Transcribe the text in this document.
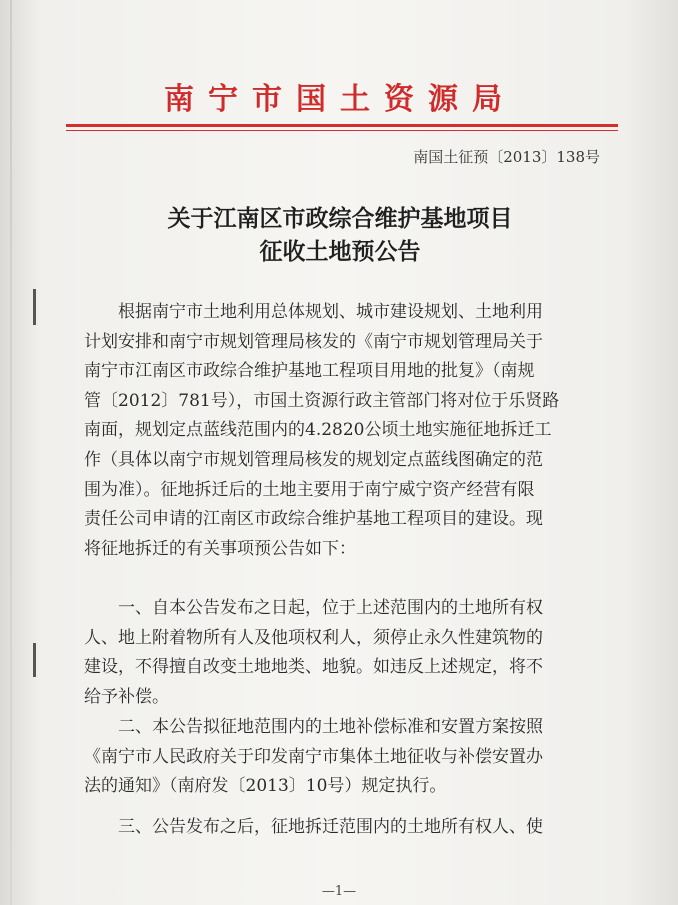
南宁市国土资源局
南国土征预〔2013〕138号
关于江南区市政综合维护基地项目
征收土地预公告
根据南宁市土地利用总体规划、城市建设规划、土地利用
计划安排和南宁市规划管理局核发的《南宁市规划管理局关于
南宁市江南区市政综合维护基地工程项目用地的批复》（南规
管〔2012〕781号），市国土资源行政主管部门将对位于乐贤路
南面，规划定点蓝线范围内的4.2820公顷土地实施征地拆迁工
作（具体以南宁市规划管理局核发的规划定点蓝线图确定的范
围为准）。征地拆迁后的土地主要用于南宁威宁资产经营有限
责任公司申请的江南区市政综合维护基地工程项目的建设。现
将征地拆迁的有关事项预公告如下：
一、自本公告发布之日起，位于上述范围内的土地所有权
人、地上附着物所有人及他项权利人，须停止永久性建筑物的
建设，不得擅自改变土地地类、地貌。如违反上述规定，将不
给予补偿。
二、本公告拟征地范围内的土地补偿标准和安置方案按照
《南宁市人民政府关于印发南宁市集体土地征收与补偿安置办
法的通知》（南府发〔2013〕10号）规定执行。
三、公告发布之后，征地拆迁范围内的土地所有权人、使
—1—
